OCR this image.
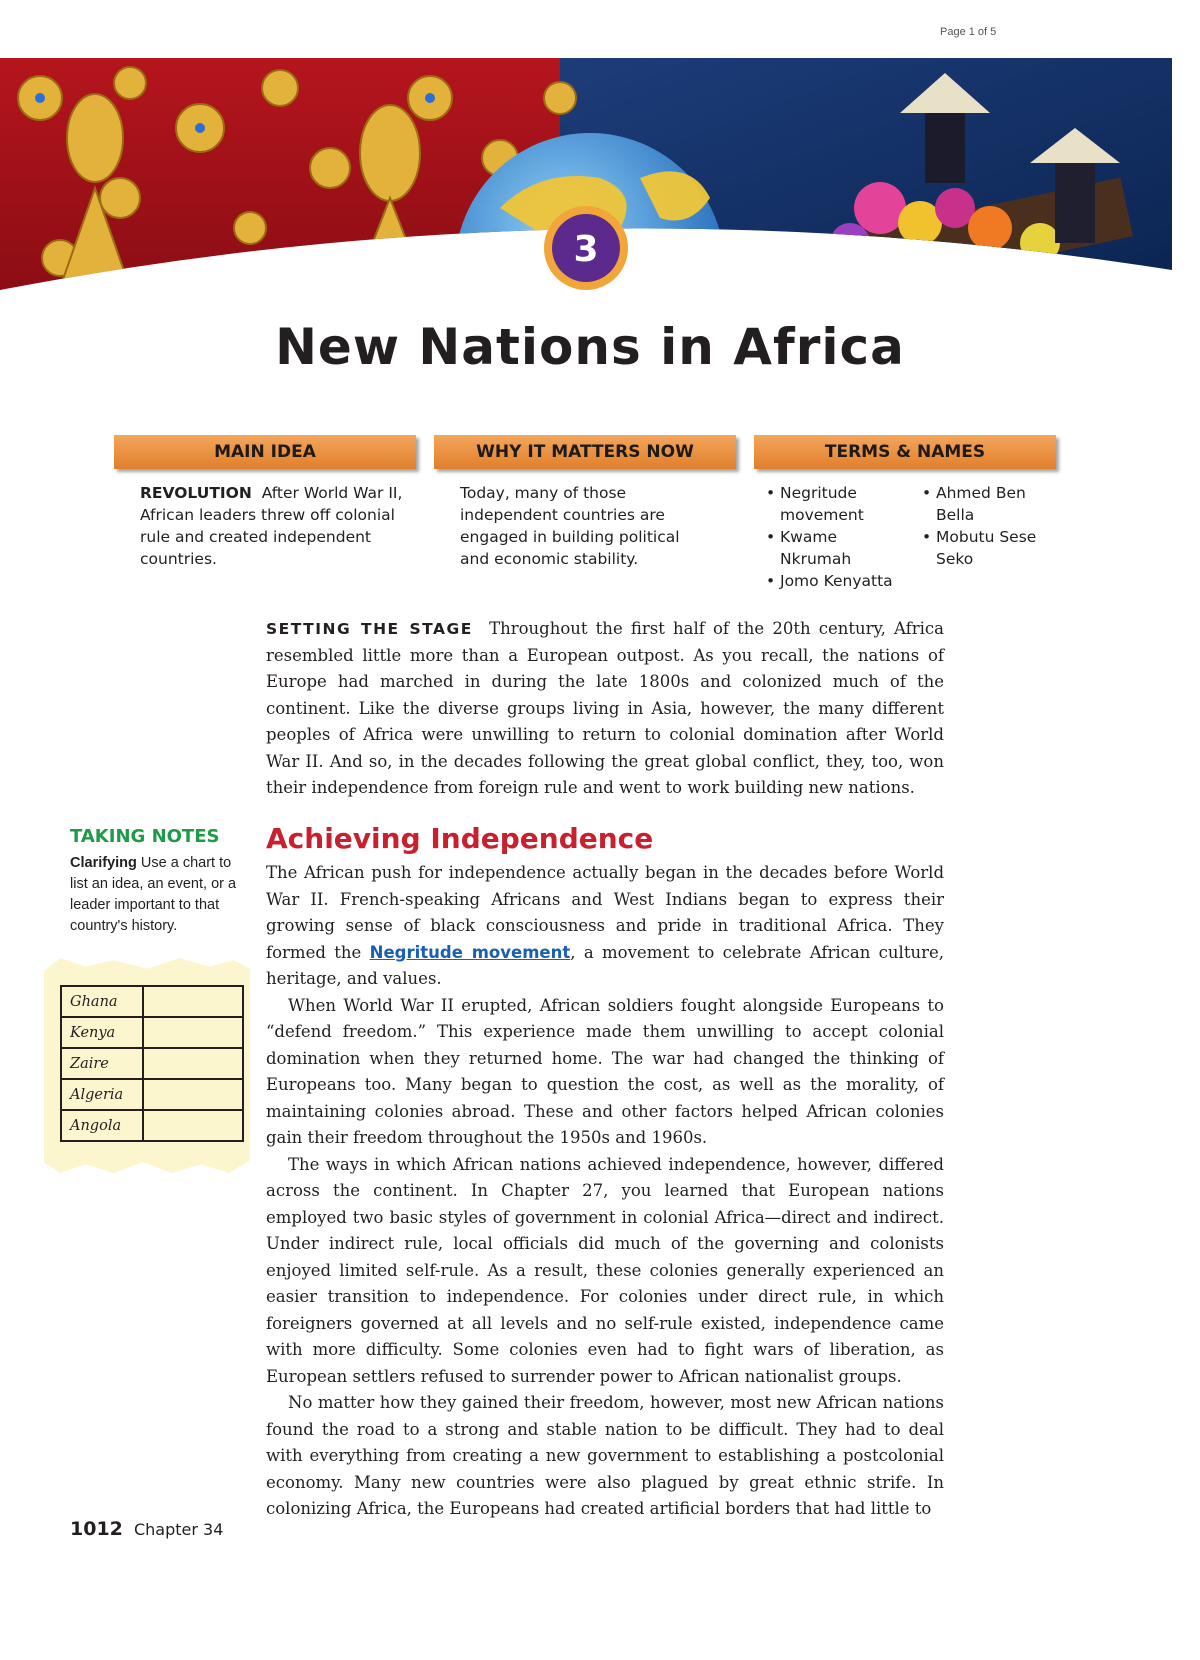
Page 1 of 5
3
New Nations in Africa
MAIN IDEA	WHY IT MATTERS NOW	TERMS & NAMES
REVOLUTION After World War II, African leaders threw off colonial rule and created independent countries.
Today, many of those independent countries are engaged in building political and economic stability.
• Negritude movement
• Kwame Nkrumah
• Jomo Kenyatta
• Ahmed Ben Bella
• Mobutu Sese Seko

SETTING THE STAGE Throughout the first half of the 20th century, Africa resembled little more than a European outpost. As you recall, the nations of Europe had marched in during the late 1800s and colonized much of the continent. Like the diverse groups living in Asia, however, the many different peoples of Africa were unwilling to return to colonial domination after World War II. And so, in the decades following the great global conflict, they, too, won their independence from foreign rule and went to work building new nations.

TAKING NOTES
Clarifying Use a chart to list an idea, an event, or a leader important to that country's history.
Ghana	
Kenya	
Zaire	
Algeria	
Angola	
Achieving Independence

The African push for independence actually began in the decades before World War II. French-speaking Africans and West Indians began to express their growing sense of black consciousness and pride in traditional Africa. They formed the Negritude movement, a movement to celebrate African culture, heritage, and values.

When World War II erupted, African soldiers fought alongside Europeans to “defend freedom.” This experience made them unwilling to accept colonial domination when they returned home. The war had changed the thinking of Europeans too. Many began to question the cost, as well as the morality, of maintaining colonies abroad. These and other factors helped African colonies gain their freedom throughout the 1950s and 1960s.

The ways in which African nations achieved independence, however, differed across the continent. In Chapter 27, you learned that European nations employed two basic styles of government in colonial Africa—direct and indirect. Under indirect rule, local officials did much of the governing and colonists enjoyed limited self-rule. As a result, these colonies generally experienced an easier transition to independence. For colonies under direct rule, in which foreigners governed at all levels and no self-rule existed, independence came with more difficulty. Some colonies even had to fight wars of liberation, as European settlers refused to surrender power to African nationalist groups.

No matter how they gained their freedom, however, most new African nations found the road to a strong and stable nation to be difficult. They had to deal with everything from creating a new government to establishing a postcolonial economy. Many new countries were also plagued by great ethnic strife. In colonizing Africa, the Europeans had created artificial borders that had little to

1012 Chapter 34
